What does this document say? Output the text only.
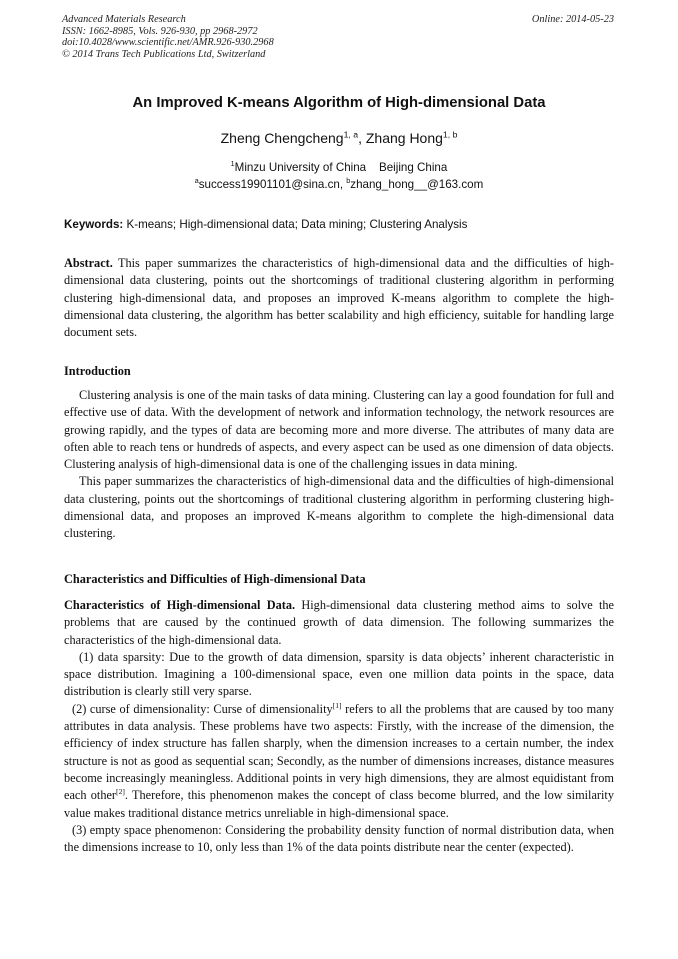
Advanced Materials Research
ISSN: 1662-8985, Vols. 926-930, pp 2968-2972
doi:10.4028/www.scientific.net/AMR.926-930.2968
© 2014 Trans Tech Publications Ltd, Switzerland
Online: 2014-05-23
An Improved K-means Algorithm of High-dimensional Data
Zheng Chengcheng$^{1, a}$, Zhang Hong$^{1, b}$
$^1$Minzu University of China    Beijing China
$^a$success19901101@sina.cn, $^b$zhang_hong__@163.com
Keywords: K-means; High-dimensional data; Data mining; Clustering Analysis

Abstract. This paper summarizes the characteristics of high-dimensional data and the difficulties of high-dimensional data clustering, points out the shortcomings of traditional clustering algorithm in performing clustering high-dimensional data, and proposes an improved K-means algorithm to complete the high-dimensional data clustering, the algorithm has better scalability and high efficiency, suitable for handling large document sets.

Introduction

Clustering analysis is one of the main tasks of data mining. Clustering can lay a good foundation for full and effective use of data. With the development of network and information technology, the network resources are growing rapidly, and the types of data are becoming more and more diverse. The attributes of many data are often able to reach tens or hundreds of aspects, and every aspect can be used as one dimension of data objects. Clustering analysis of high-dimensional data is one of the challenging issues in data mining.

This paper summarizes the characteristics of high-dimensional data and the difficulties of high-dimensional data clustering, points out the shortcomings of traditional clustering algorithm in performing clustering high-dimensional data, and proposes an improved K-means algorithm to complete the high-dimensional data clustering.

Characteristics and Difficulties of High-dimensional Data

Characteristics of High-dimensional Data. High-dimensional data clustering method aims to solve the problems that are caused by the continued growth of data dimension. The following summarizes the characteristics of the high-dimensional data.

(1) data sparsity: Due to the growth of data dimension, sparsity is data objects’ inherent characteristic in space distribution. Imagining a 100-dimensional space, even one million data points in the space, data distribution is clearly still very sparse.

(2) curse of dimensionality: Curse of dimensionality[1] refers to all the problems that are caused by too many attributes in data analysis. These problems have two aspects: Firstly, with the increase of the dimension, the efficiency of index structure has fallen sharply, when the dimension increases to a certain number, the index structure is not as good as sequential scan; Secondly, as the number of dimensions increases, distance measures become increasingly meaningless. Additional points in very high dimensions, they are almost equidistant from each other[2]. Therefore, this phenomenon makes the concept of class become blurred, and the low similarity value makes traditional distance metrics unreliable in high-dimensional space.

(3) empty space phenomenon: Considering the probability density function of normal distribution data, when the dimensions increase to 10, only less than 1% of the data points distribute near the center (expected).
